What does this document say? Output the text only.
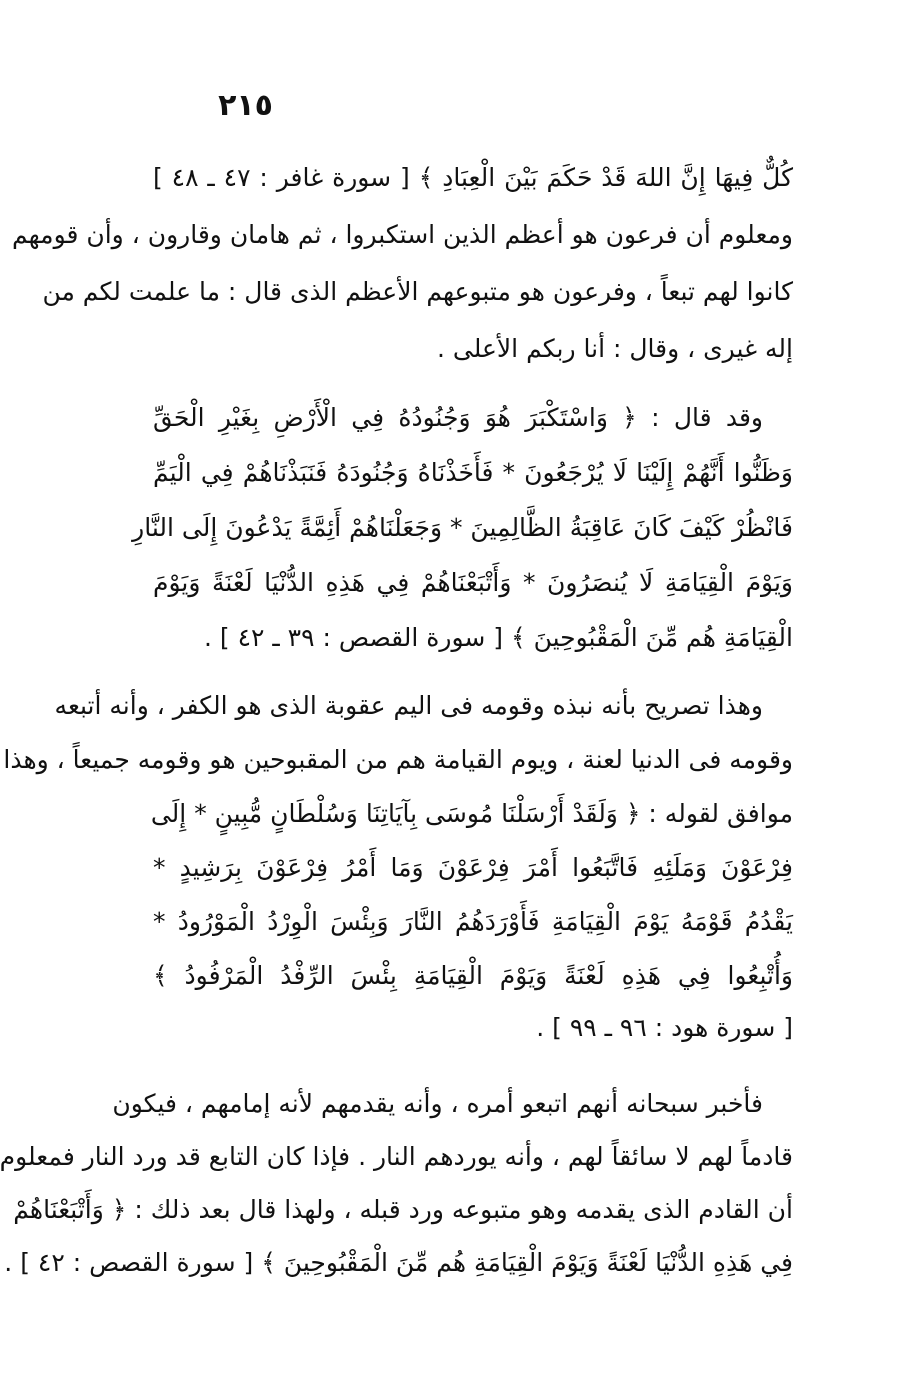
٢١٥
كُلٌّ فِيهَا إِنَّ اللهَ قَدْ حَكَمَ بَيْنَ الْعِبَادِ ﴾ [ سورة غافر : ٤٧ ـ ٤٨ ]
ومعلوم أن فرعون هو أعظم الذين استكبروا ، ثم هامان وقارون ، وأن قومهم
كانوا لهم تبعاً ، وفرعون هو متبوعهم الأعظم الذى قال : ما علمت لكم من
إله غيرى ، وقال : أنا ربكم الأعلى .
وقد قال : ﴿ وَاسْتَكْبَرَ هُوَ وَجُنُودُهُ فِي الْأَرْضِ بِغَيْرِ الْحَقِّ
وَظَنُّوا أَنَّهُمْ إِلَيْنَا لَا يُرْجَعُونَ * فَأَخَذْنَاهُ وَجُنُودَهُ فَنَبَذْنَاهُمْ فِي الْيَمِّ
فَانْظُرْ كَيْفَ كَانَ عَاقِبَةُ الظَّالِمِينَ * وَجَعَلْنَاهُمْ أَئِمَّةً يَدْعُونَ إِلَى النَّارِ
وَيَوْمَ الْقِيَامَةِ لَا يُنصَرُونَ * وَأَتْبَعْنَاهُمْ فِي هَذِهِ الدُّنْيَا لَعْنَةً وَيَوْمَ
الْقِيَامَةِ هُم مِّنَ الْمَقْبُوحِينَ ﴾ [ سورة القصص : ٣٩ ـ ٤٢ ] .
وهذا تصريح بأنه نبذه وقومه فى اليم عقوبة الذى هو الكفر ، وأنه أتبعه
وقومه فى الدنيا لعنة ، ويوم القيامة هم من المقبوحين هو وقومه جميعاً ، وهذا
موافق لقوله : ﴿ وَلَقَدْ أَرْسَلْنَا مُوسَى بِآيَاتِنَا وَسُلْطَانٍ مُّبِينٍ * إِلَى
فِرْعَوْنَ وَمَلَئِهِ فَاتَّبَعُوا أَمْرَ فِرْعَوْنَ وَمَا أَمْرُ فِرْعَوْنَ بِرَشِيدٍ *
يَقْدُمُ قَوْمَهُ يَوْمَ الْقِيَامَةِ فَأَوْرَدَهُمُ النَّارَ وَبِئْسَ الْوِرْدُ الْمَوْرُودُ *
وَأُتْبِعُوا فِي هَذِهِ لَعْنَةً وَيَوْمَ الْقِيَامَةِ بِئْسَ الرِّفْدُ الْمَرْفُودُ ﴾
[ سورة هود : ٩٦ ـ ٩٩ ] .
فأخبر سبحانه أنهم اتبعو أمره ، وأنه يقدمهم لأنه إمامهم ، فيكون
قادماً لهم لا سائقاً لهم ، وأنه يوردهم النار . فإذا كان التابع قد ورد النار فمعلوم
أن القادم الذى يقدمه وهو متبوعه ورد قبله ، ولهذا قال بعد ذلك : ﴿ وَأَتْبَعْنَاهُمْ
فِي هَذِهِ الدُّنْيَا لَعْنَةً وَيَوْمَ الْقِيَامَةِ هُم مِّنَ الْمَقْبُوحِينَ ﴾ [ سورة القصص : ٤٢ ] .
